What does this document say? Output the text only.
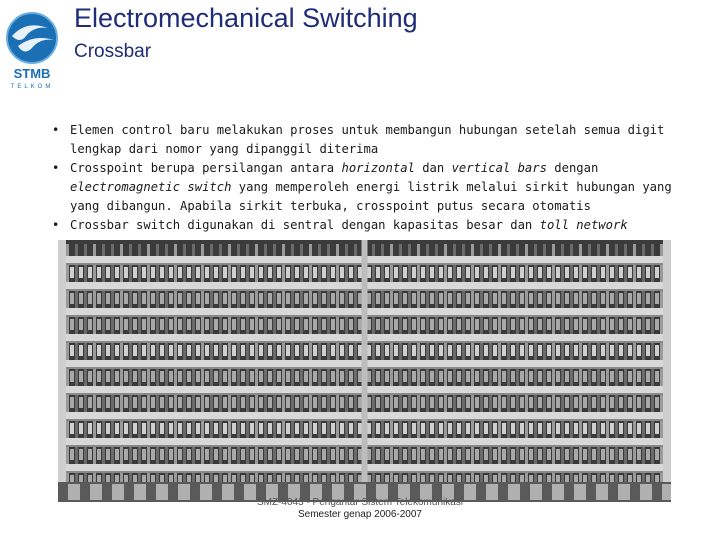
STMB
TELKOM
Electromechanical Switching
Crossbar
• Elemen control baru melakukan proses untuk membangun hubungan setelah semua digit lengkap dari nomor yang dipanggil diterima
• Crosspoint berupa persilangan antara horizontal dan vertical bars dengan electromagnetic switch yang memperoleh energi listrik melalui sirkit hubungan yang yang dibangun. Apabila sirkit terbuka, crosspoint putus secara otomatis
• Crossbar switch digunakan di sentral dengan kapasitas besar dan toll network
SMZ-4043 - Pengantar Sistem Telekomunikasi
Semester genap 2006-2007
